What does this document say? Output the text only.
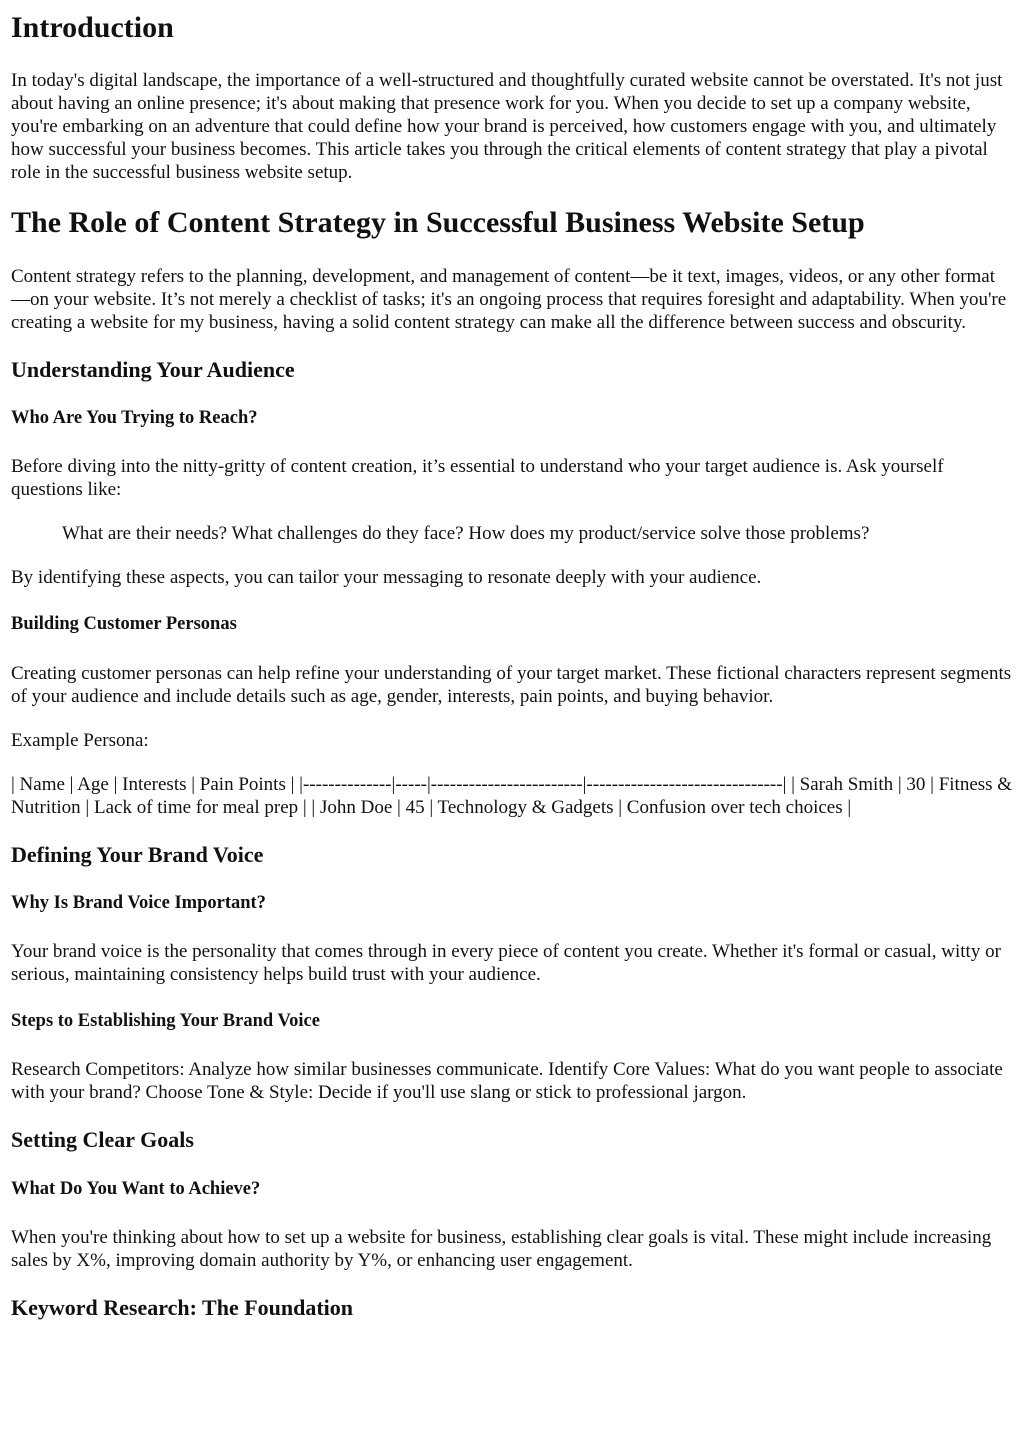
Introduction

In today's digital landscape, the importance of a well-structured and thoughtfully curated website cannot be overstated. It's not just about having an online presence; it's about making that presence work for you. When you decide to set up a company website, you're embarking on an adventure that could define how your brand is perceived, how customers engage with you, and ultimately how successful your business becomes. This article takes you through the critical elements of content strategy that play a pivotal role in the successful business website setup.

The Role of Content Strategy in Successful Business Website Setup

Content strategy refers to the planning, development, and management of content—be it text, images, videos, or any other format—on your website. It’s not merely a checklist of tasks; it's an ongoing process that requires foresight and adaptability. When you're creating a website for my business, having a solid content strategy can make all the difference between success and obscurity.

Understanding Your Audience
Who Are You Trying to Reach?

Before diving into the nitty-gritty of content creation, it’s essential to understand who your target audience is. Ask yourself questions like:

What are their needs? What challenges do they face? How does my product/service solve those problems?

By identifying these aspects, you can tailor your messaging to resonate deeply with your audience.

Building Customer Personas

Creating customer personas can help refine your understanding of your target market. These fictional characters represent segments of your audience and include details such as age, gender, interests, pain points, and buying behavior.

Example Persona:

| Name | Age | Interests | Pain Points | |--------------|-----|------------------------|-------------------------------| | Sarah Smith | 30 | Fitness & Nutrition | Lack of time for meal prep | | John Doe | 45 | Technology & Gadgets | Confusion over tech choices |

Defining Your Brand Voice
Why Is Brand Voice Important?

Your brand voice is the personality that comes through in every piece of content you create. Whether it's formal or casual, witty or serious, maintaining consistency helps build trust with your audience.

Steps to Establishing Your Brand Voice

Research Competitors: Analyze how similar businesses communicate. Identify Core Values: What do you want people to associate with your brand? Choose Tone & Style: Decide if you'll use slang or stick to professional jargon.

Setting Clear Goals
What Do You Want to Achieve?

When you're thinking about how to set up a website for business, establishing clear goals is vital. These might include increasing sales by X%, improving domain authority by Y%, or enhancing user engagement.

Keyword Research: The Foundation
